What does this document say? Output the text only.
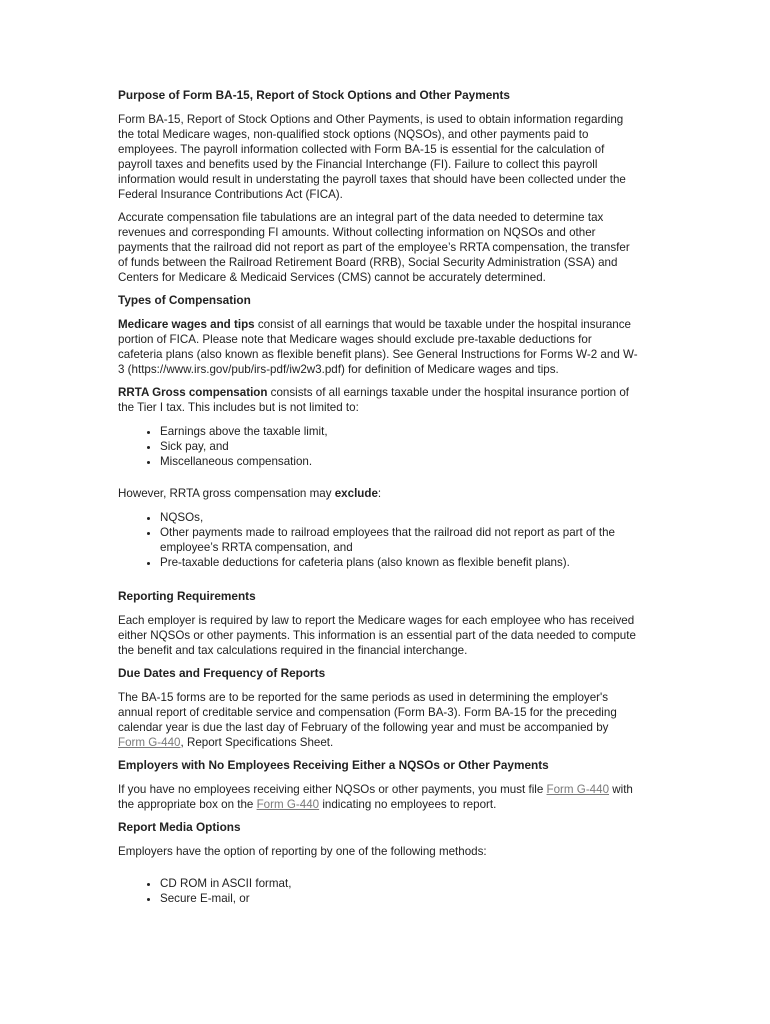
Purpose of Form BA-15, Report of Stock Options and Other Payments

Form BA-15, Report of Stock Options and Other Payments, is used to obtain information regarding the total Medicare wages, non-qualified stock options (NQSOs), and other payments paid to employees. The payroll information collected with Form BA-15 is essential for the calculation of payroll taxes and benefits used by the Financial Interchange (FI). Failure to collect this payroll information would result in understating the payroll taxes that should have been collected under the Federal Insurance Contributions Act (FICA).

Accurate compensation file tabulations are an integral part of the data needed to determine tax revenues and corresponding FI amounts. Without collecting information on NQSOs and other payments that the railroad did not report as part of the employee’s RRTA compensation, the transfer of funds between the Railroad Retirement Board (RRB), Social Security Administration (SSA) and Centers for Medicare & Medicaid Services (CMS) cannot be accurately determined.

Types of Compensation

Medicare wages and tips consist of all earnings that would be taxable under the hospital insurance portion of FICA. Please note that Medicare wages should exclude pre-taxable deductions for cafeteria plans (also known as flexible benefit plans). See General Instructions for Forms W-2 and W-3 (https://www.irs.gov/pub/irs-pdf/iw2w3.pdf) for definition of Medicare wages and tips.

RRTA Gross compensation consists of all earnings taxable under the hospital insurance portion of the Tier I tax. This includes but is not limited to:

• Earnings above the taxable limit,
• Sick pay, and
• Miscellaneous compensation.

However, RRTA gross compensation may exclude:

• NQSOs,
• Other payments made to railroad employees that the railroad did not report as part of the employee’s RRTA compensation, and
• Pre-taxable deductions for cafeteria plans (also known as flexible benefit plans).
Reporting Requirements

Each employer is required by law to report the Medicare wages for each employee who has received either NQSOs or other payments. This information is an essential part of the data needed to compute the benefit and tax calculations required in the financial interchange.

Due Dates and Frequency of Reports

The BA-15 forms are to be reported for the same periods as used in determining the employer's annual report of creditable service and compensation (Form BA-3). Form BA-15 for the preceding calendar year is due the last day of February of the following year and must be accompanied by Form G-440, Report Specifications Sheet.

Employers with No Employees Receiving Either a NQSOs or Other Payments

If you have no employees receiving either NQSOs or other payments, you must file Form G-440 with the appropriate box on the Form G-440 indicating no employees to report.

Report Media Options

Employers have the option of reporting by one of the following methods:

• CD ROM in ASCII format,
• Secure E-mail, or
